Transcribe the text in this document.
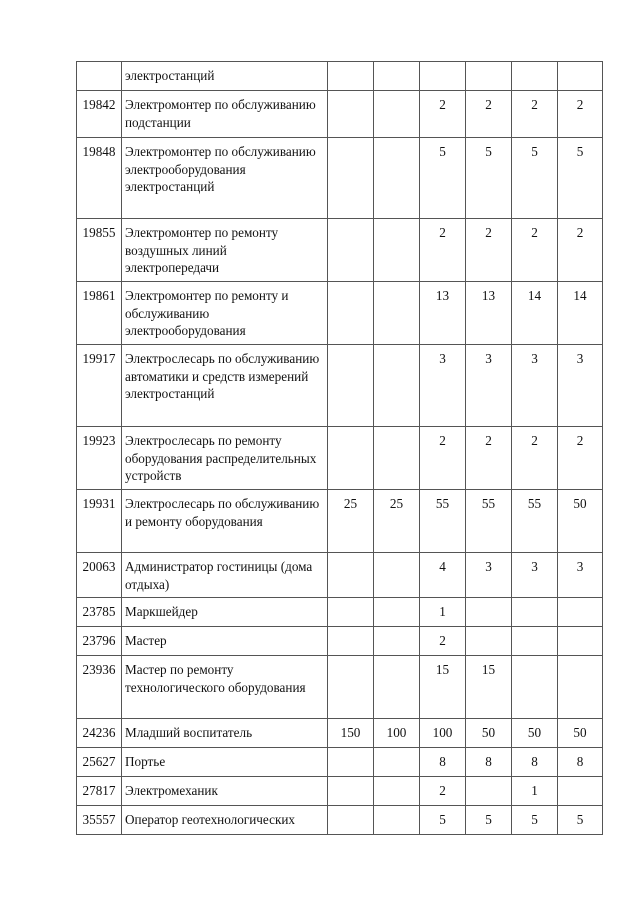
	электростанций						
19842	Электромонтер по обслуживанию подстанции			2	2	2	2
19848	Электромонтер по обслуживанию электрооборудования электростанций			5	5	5	5
19855	Электромонтер по ремонту воздушных линий электропередачи			2	2	2	2
19861	Электромонтер по ремонту и обслуживанию электрооборудования			13	13	14	14
19917	Электрослесарь по обслуживанию автоматики и средств измерений электростанций			3	3	3	3
19923	Электрослесарь по ремонту оборудования распределительных устройств			2	2	2	2
19931	Электрослесарь по обслуживанию и ремонту оборудования	25	25	55	55	55	50
20063	Администратор гостиницы (дома отдыха)			4	3	3	3
23785	Маркшейдер			1			
23796	Мастер			2			
23936	Мастер по ремонту технологического оборудования			15	15		
24236	Младший воспитатель	150	100	100	50	50	50
25627	Портье			8	8	8	8
27817	Электромеханик			2		1	
35557	Оператор геотехнологических			5	5	5	5
